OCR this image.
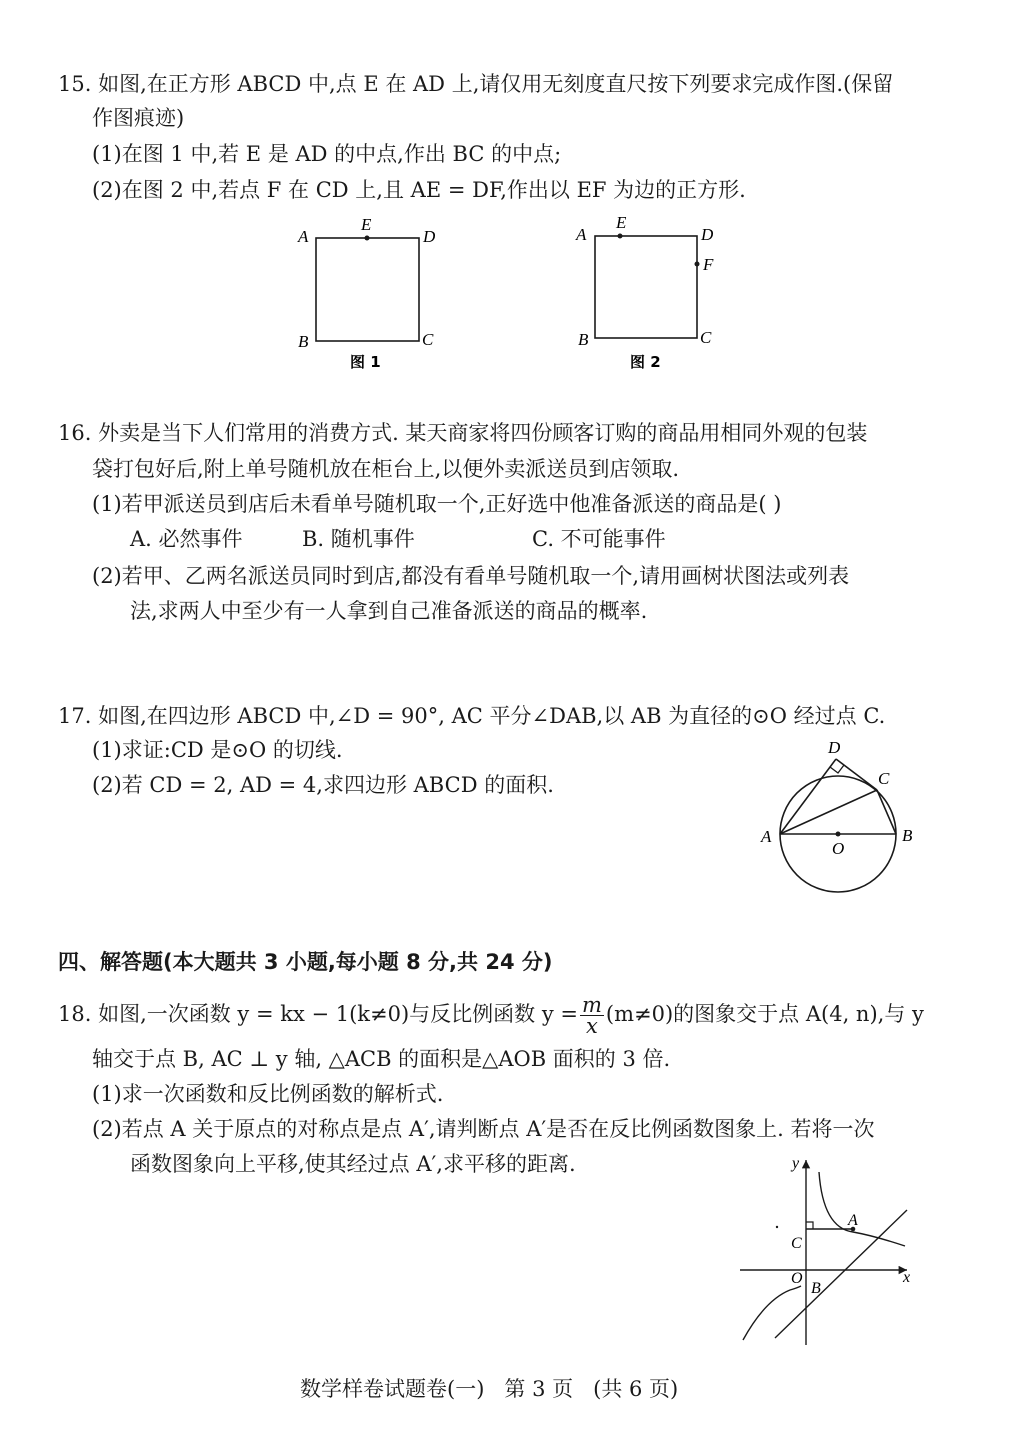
15. 如图,在正方形 ABCD 中,点 E 在 AD 上,请仅用无刻度直尺按下列要求完成作图.(保留
作图痕迹)
(1)在图 1 中,若 E 是 AD 的中点,作出 BC 的中点;
(2)在图 2 中,若点 F 在 CD 上,且 AE = DF,作出以 EF 为边的正方形.
A
E
D
B	C
图 1
A
E
D
F
B	C
图 2
16. 外卖是当下人们常用的消费方式. 某天商家将四份顾客订购的商品用相同外观的包装
袋打包好后,附上单号随机放在柜台上,以便外卖派送员到店领取.
(1)若甲派送员到店后未看单号随机取一个,正好选中他准备派送的商品是( )
A. 必然事件	B. 随机事件	C. 不可能事件
(2)若甲、乙两名派送员同时到店,都没有看单号随机取一个,请用画树状图法或列表
法,求两人中至少有一人拿到自己准备派送的商品的概率.
17. 如图,在四边形 ABCD 中,∠D = 90°, AC 平分∠DAB,以 AB 为直径的⊙O 经过点 C.
(1)求证:CD 是⊙O 的切线.
(2)若 CD = 2, AD = 4,求四边形 ABCD 的面积.
D
C
A	B
O
四、解答题(本大题共 3 小题,每小题 8 分,共 24 分)
18. 如图,一次函数 y = kx − 1(k≠0)与反比例函数 $y = \frac{m}{x} (m\ne 0)$的图象交于点 A(4, n),与 y
轴交于点 B, AC ⊥ y 轴, △ACB 的面积是△AOB 面积的 3 倍.
(1)求一次函数和反比例函数的解析式.
(2)若点 A 关于原点的对称点是点 A′,请判断点 A′是否在反比例函数图象上. 若将一次
函数图象向上平移,使其经过点 A′,求平移的距离.	y
x
C
A
O
B
数学样卷试题卷(一)   第 3 页   (共 6 页)
